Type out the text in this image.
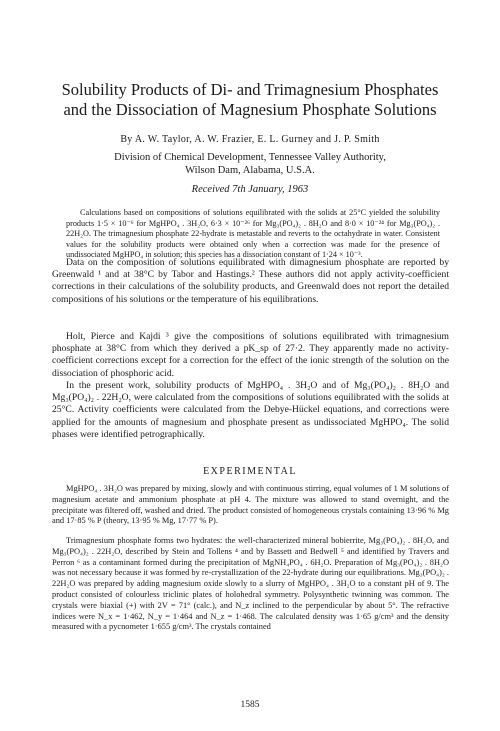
Solubility Products of Di- and Trimagnesium Phosphates
and the Dissociation of Magnesium Phosphate Solutions
By A. W. Taylor, A. W. Frazier, E. L. Gurney and J. P. Smith
Division of Chemical Development, Tennessee Valley Authority,
Wilson Dam, Alabama, U.S.A.
Received 7th January, 1963

Calculations based on compositions of solutions equilibrated with the solids at 25°C yielded the solubility products 1·5 × 10⁻⁶ for MgHPO₄ . 3H₂O, 6·3 × 10⁻²⁶ for Mg₃(PO₄)₂ . 8H₂O and 8·0 × 10⁻²⁴ for Mg₃(PO₄)₂ . 22H₂O. The trimagnesium phosphate 22-hydrate is metastable and reverts to the octahydrate in water. Consistent values for the solubility products were obtained only when a correction was made for the presence of undissociated MgHPO₄ in solution; this species has a dissociation constant of 1·24 × 10⁻³.

Data on the composition of solutions equilibrated with dimagnesium phosphate are reported by Greenwald ¹ and at 38°C by Tabor and Hastings.² These authors did not apply activity-coefficient corrections in their calculations of the solubility products, and Greenwald does not report the detailed compositions of his solutions or the temperature of his equilibrations.

Holt, Pierce and Kajdi ³ give the compositions of solutions equilibrated with trimagnesium phosphate at 38°C from which they derived a pK_sp of 27·2. They apparently made no activity-coefficient corrections except for a correction for the effect of the ionic strength of the solution on the dissociation of phosphoric acid.

In the present work, solubility products of MgHPO₄ . 3H₂O and of Mg₃(PO₄)₂ . 8H₂O and Mg₃(PO₄)₂ . 22H₂O, were calculated from the compositions of solutions equilibrated with the solids at 25°C. Activity coefficients were calculated from the Debye-Hückel equations, and corrections were applied for the amounts of magnesium and phosphate present as undissociated MgHPO₄. The solid phases were identified petrographically.

EXPERIMENTAL

MgHPO₄ . 3H₂O was prepared by mixing, slowly and with continuous stirring, equal volumes of 1 M solutions of magnesium acetate and ammonium phosphate at pH 4. The mixture was allowed to stand overnight, and the precipitate was filtered off, washed and dried. The product consisted of homogeneous crystals containing 13·96 % Mg and 17·85 % P (theory, 13·95 % Mg, 17·77 % P).

Trimagnesium phosphate forms two hydrates: the well-characterized mineral bobierrite, Mg₃(PO₄)₂ . 8H₂O, and Mg₃(PO₄)₂ . 22H₂O, described by Stein and Tollens ⁴ and by Bassett and Bedwell ⁵ and identified by Travers and Perron ⁶ as a contaminant formed during the precipitation of MgNH₄PO₄ . 6H₂O. Preparation of Mg₃(PO₄)₂ . 8H₂O was not necessary because it was formed by re-crystallization of the 22-hydrate during our equilibrations. Mg₃(PO₄)₂ . 22H₂O was prepared by adding magnesium oxide slowly to a slurry of MgHPO₄ . 3H₂O to a constant pH of 9. The product consisted of colourless triclinic plates of holohedral symmetry. Polysynthetic twinning was common. The crystals were biaxial (+) with 2V = 71° (calc.), and N_z inclined to the perpendicular by about 5°. The refractive indices were N_x = 1·462, N_y = 1·464 and N_z = 1·468. The calculated density was 1·65 g/cm³ and the density measured with a pycnometer 1·655 g/cm³. The crystals contained

1585
